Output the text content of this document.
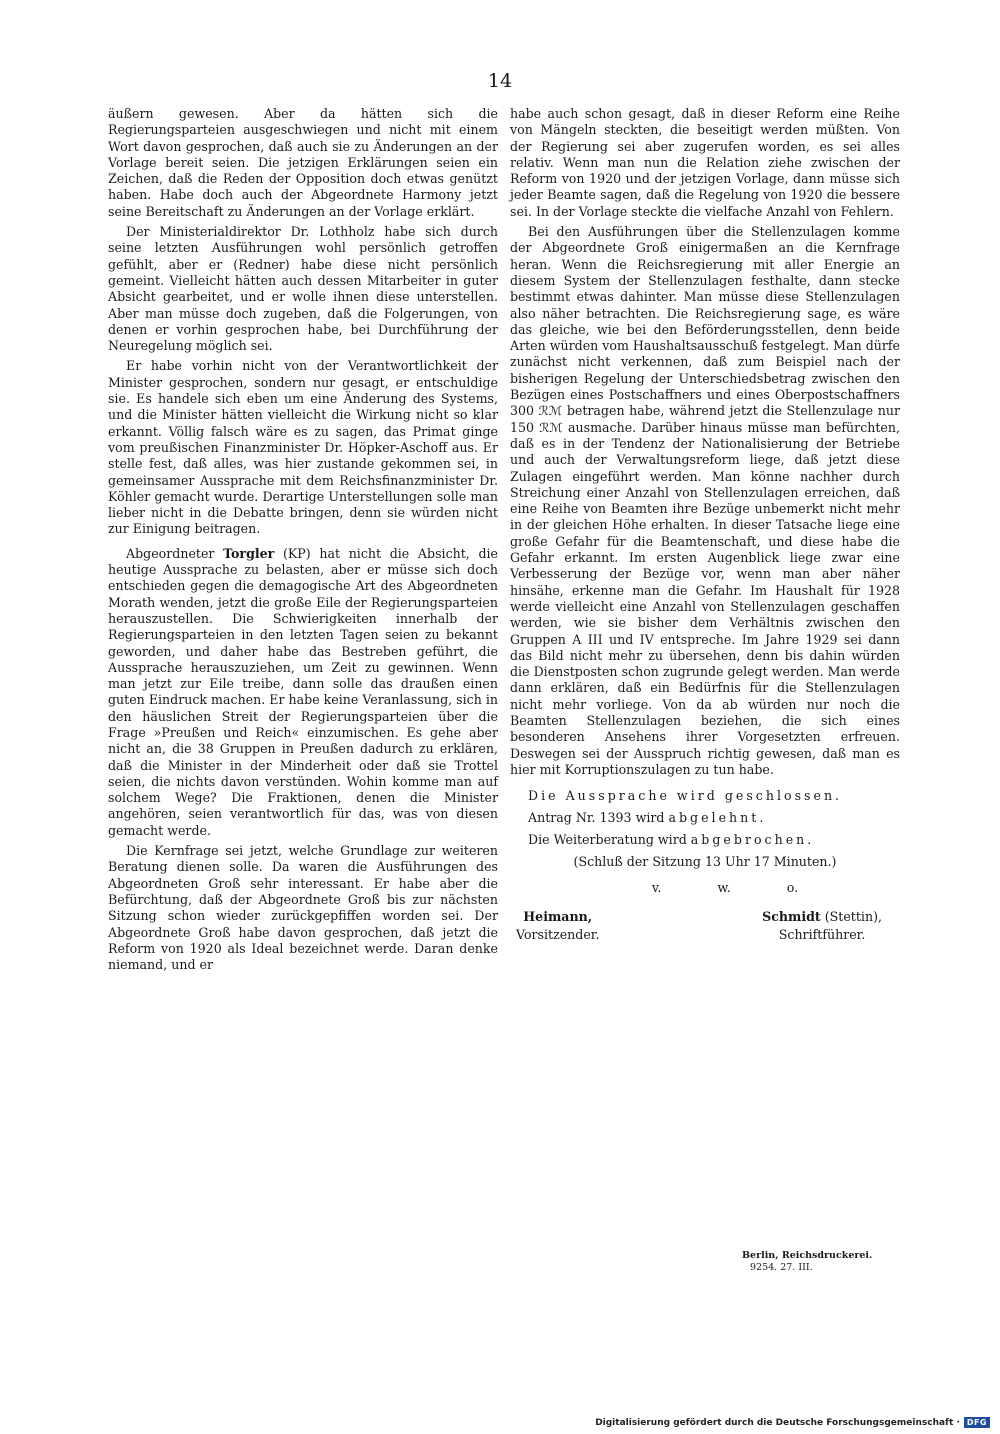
14

äußern gewesen. Aber da hätten sich die Regierungsparteien ausgeschwiegen und nicht mit einem Wort davon gesprochen, daß auch sie zu Änderungen an der Vorlage bereit seien. Die jetzigen Erklärungen seien ein Zeichen, daß die Reden der Opposition doch etwas genützt haben. Habe doch auch der Abgeordnete Harmony jetzt seine Bereitschaft zu Änderungen an der Vorlage erklärt.

Der Ministerialdirektor Dr. Lothholz habe sich durch seine letzten Ausführungen wohl persönlich getroffen gefühlt, aber er (Redner) habe diese nicht persönlich gemeint. Vielleicht hätten auch dessen Mitarbeiter in guter Absicht gearbeitet, und er wolle ihnen diese unterstellen. Aber man müsse doch zugeben, daß die Folgerungen, von denen er vorhin gesprochen habe, bei Durchführung der Neuregelung möglich sei.

Er habe vorhin nicht von der Verantwortlichkeit der Minister gesprochen, sondern nur gesagt, er entschuldige sie. Es handele sich eben um eine Änderung des Systems, und die Minister hätten vielleicht die Wirkung nicht so klar erkannt. Völlig falsch wäre es zu sagen, das Primat ginge vom preußischen Finanzminister Dr. Höpker-Aschoff aus. Er stelle fest, daß alles, was hier zustande gekommen sei, in gemeinsamer Aussprache mit dem Reichsfinanzminister Dr. Köhler gemacht wurde. Derartige Unterstellungen solle man lieber nicht in die Debatte bringen, denn sie würden nicht zur Einigung beitragen.

Abgeordneter Torgler (KP) hat nicht die Absicht, die heutige Aussprache zu belasten, aber er müsse sich doch entschieden gegen die demagogische Art des Abgeordneten Morath wenden, jetzt die große Eile der Regierungsparteien herauszustellen. Die Schwierigkeiten innerhalb der Regierungsparteien in den letzten Tagen seien zu bekannt geworden, und daher habe das Bestreben geführt, die Aussprache herauszuziehen, um Zeit zu gewinnen. Wenn man jetzt zur Eile treibe, dann solle das draußen einen guten Eindruck machen. Er habe keine Veranlassung, sich in den häuslichen Streit der Regierungsparteien über die Frage »Preußen und Reich« einzumischen. Es gehe aber nicht an, die 38 Gruppen in Preußen dadurch zu erklären, daß die Minister in der Minderheit oder daß sie Trottel seien, die nichts davon verstünden. Wohin komme man auf solchem Wege? Die Fraktionen, denen die Minister angehören, seien verantwortlich für das, was von diesen gemacht werde.

Die Kernfrage sei jetzt, welche Grundlage zur weiteren Beratung dienen solle. Da waren die Ausführungen des Abgeordneten Groß sehr interessant. Er habe aber die Befürchtung, daß der Abgeordnete Groß bis zur nächsten Sitzung schon wieder zurückgepfiffen worden sei. Der Abgeordnete Groß habe davon gesprochen, daß jetzt die Reform von 1920 als Ideal bezeichnet werde. Daran denke niemand, und er

habe auch schon gesagt, daß in dieser Reform eine Reihe von Mängeln steckten, die beseitigt werden müßten. Von der Regierung sei aber zugerufen worden, es sei alles relativ. Wenn man nun die Relation ziehe zwischen der Reform von 1920 und der jetzigen Vorlage, dann müsse sich jeder Beamte sagen, daß die Regelung von 1920 die bessere sei. In der Vorlage steckte die vielfache Anzahl von Fehlern.

Bei den Ausführungen über die Stellenzulagen komme der Abgeordnete Groß einigermaßen an die Kernfrage heran. Wenn die Reichsregierung mit aller Energie an diesem System der Stellenzulagen festhalte, dann stecke bestimmt etwas dahinter. Man müsse diese Stellenzulagen also näher betrachten. Die Reichsregierung sage, es wäre das gleiche, wie bei den Beförderungsstellen, denn beide Arten würden vom Haushaltsausschuß festgelegt. Man dürfe zunächst nicht verkennen, daß zum Beispiel nach der bisherigen Regelung der Unterschiedsbetrag zwischen den Bezügen eines Postschaffners und eines Oberpostschaffners 300 ℛℳ betragen habe, während jetzt die Stellenzulage nur 150 ℛℳ ausmache. Darüber hinaus müsse man befürchten, daß es in der Tendenz der Nationalisierung der Betriebe und auch der Verwaltungsreform liege, daß jetzt diese Zulagen eingeführt werden. Man könne nachher durch Streichung einer Anzahl von Stellenzulagen erreichen, daß eine Reihe von Beamten ihre Bezüge unbemerkt nicht mehr in der gleichen Höhe erhalten. In dieser Tatsache liege eine große Gefahr für die Beamtenschaft, und diese habe die Gefahr erkannt. Im ersten Augenblick liege zwar eine Verbesserung der Bezüge vor, wenn man aber näher hinsähe, erkenne man die Gefahr. Im Haushalt für 1928 werde vielleicht eine Anzahl von Stellenzulagen geschaffen werden, wie sie bisher dem Verhältnis zwischen den Gruppen A III und IV entspreche. Im Jahre 1929 sei dann das Bild nicht mehr zu übersehen, denn bis dahin würden die Dienstposten schon zugrunde gelegt werden. Man werde dann erklären, daß ein Bedürfnis für die Stellenzulagen nicht mehr vorliege. Von da ab würden nur noch die Beamten Stellenzulagen beziehen, die sich eines besonderen Ansehens ihrer Vorgesetzten erfreuen. Deswegen sei der Ausspruch richtig gewesen, daß man es hier mit Korruptionszulagen zu tun habe.

Die Aussprache wird geschlossen.

Antrag Nr. 1393 wird abgelehnt.

Die Weiterberatung wird abgebrochen.

(Schluß der Sitzung 13 Uhr 17 Minuten.)

v.	w.	o.
Heimann,
Vorsitzender.
Schmidt (Stettin),
Schriftführer.
Berlin, Reichsdruckerei.
9254. 27. III.
Digitalisierung gefördert durch die Deutsche Forschungsgemeinschaft · DFG
